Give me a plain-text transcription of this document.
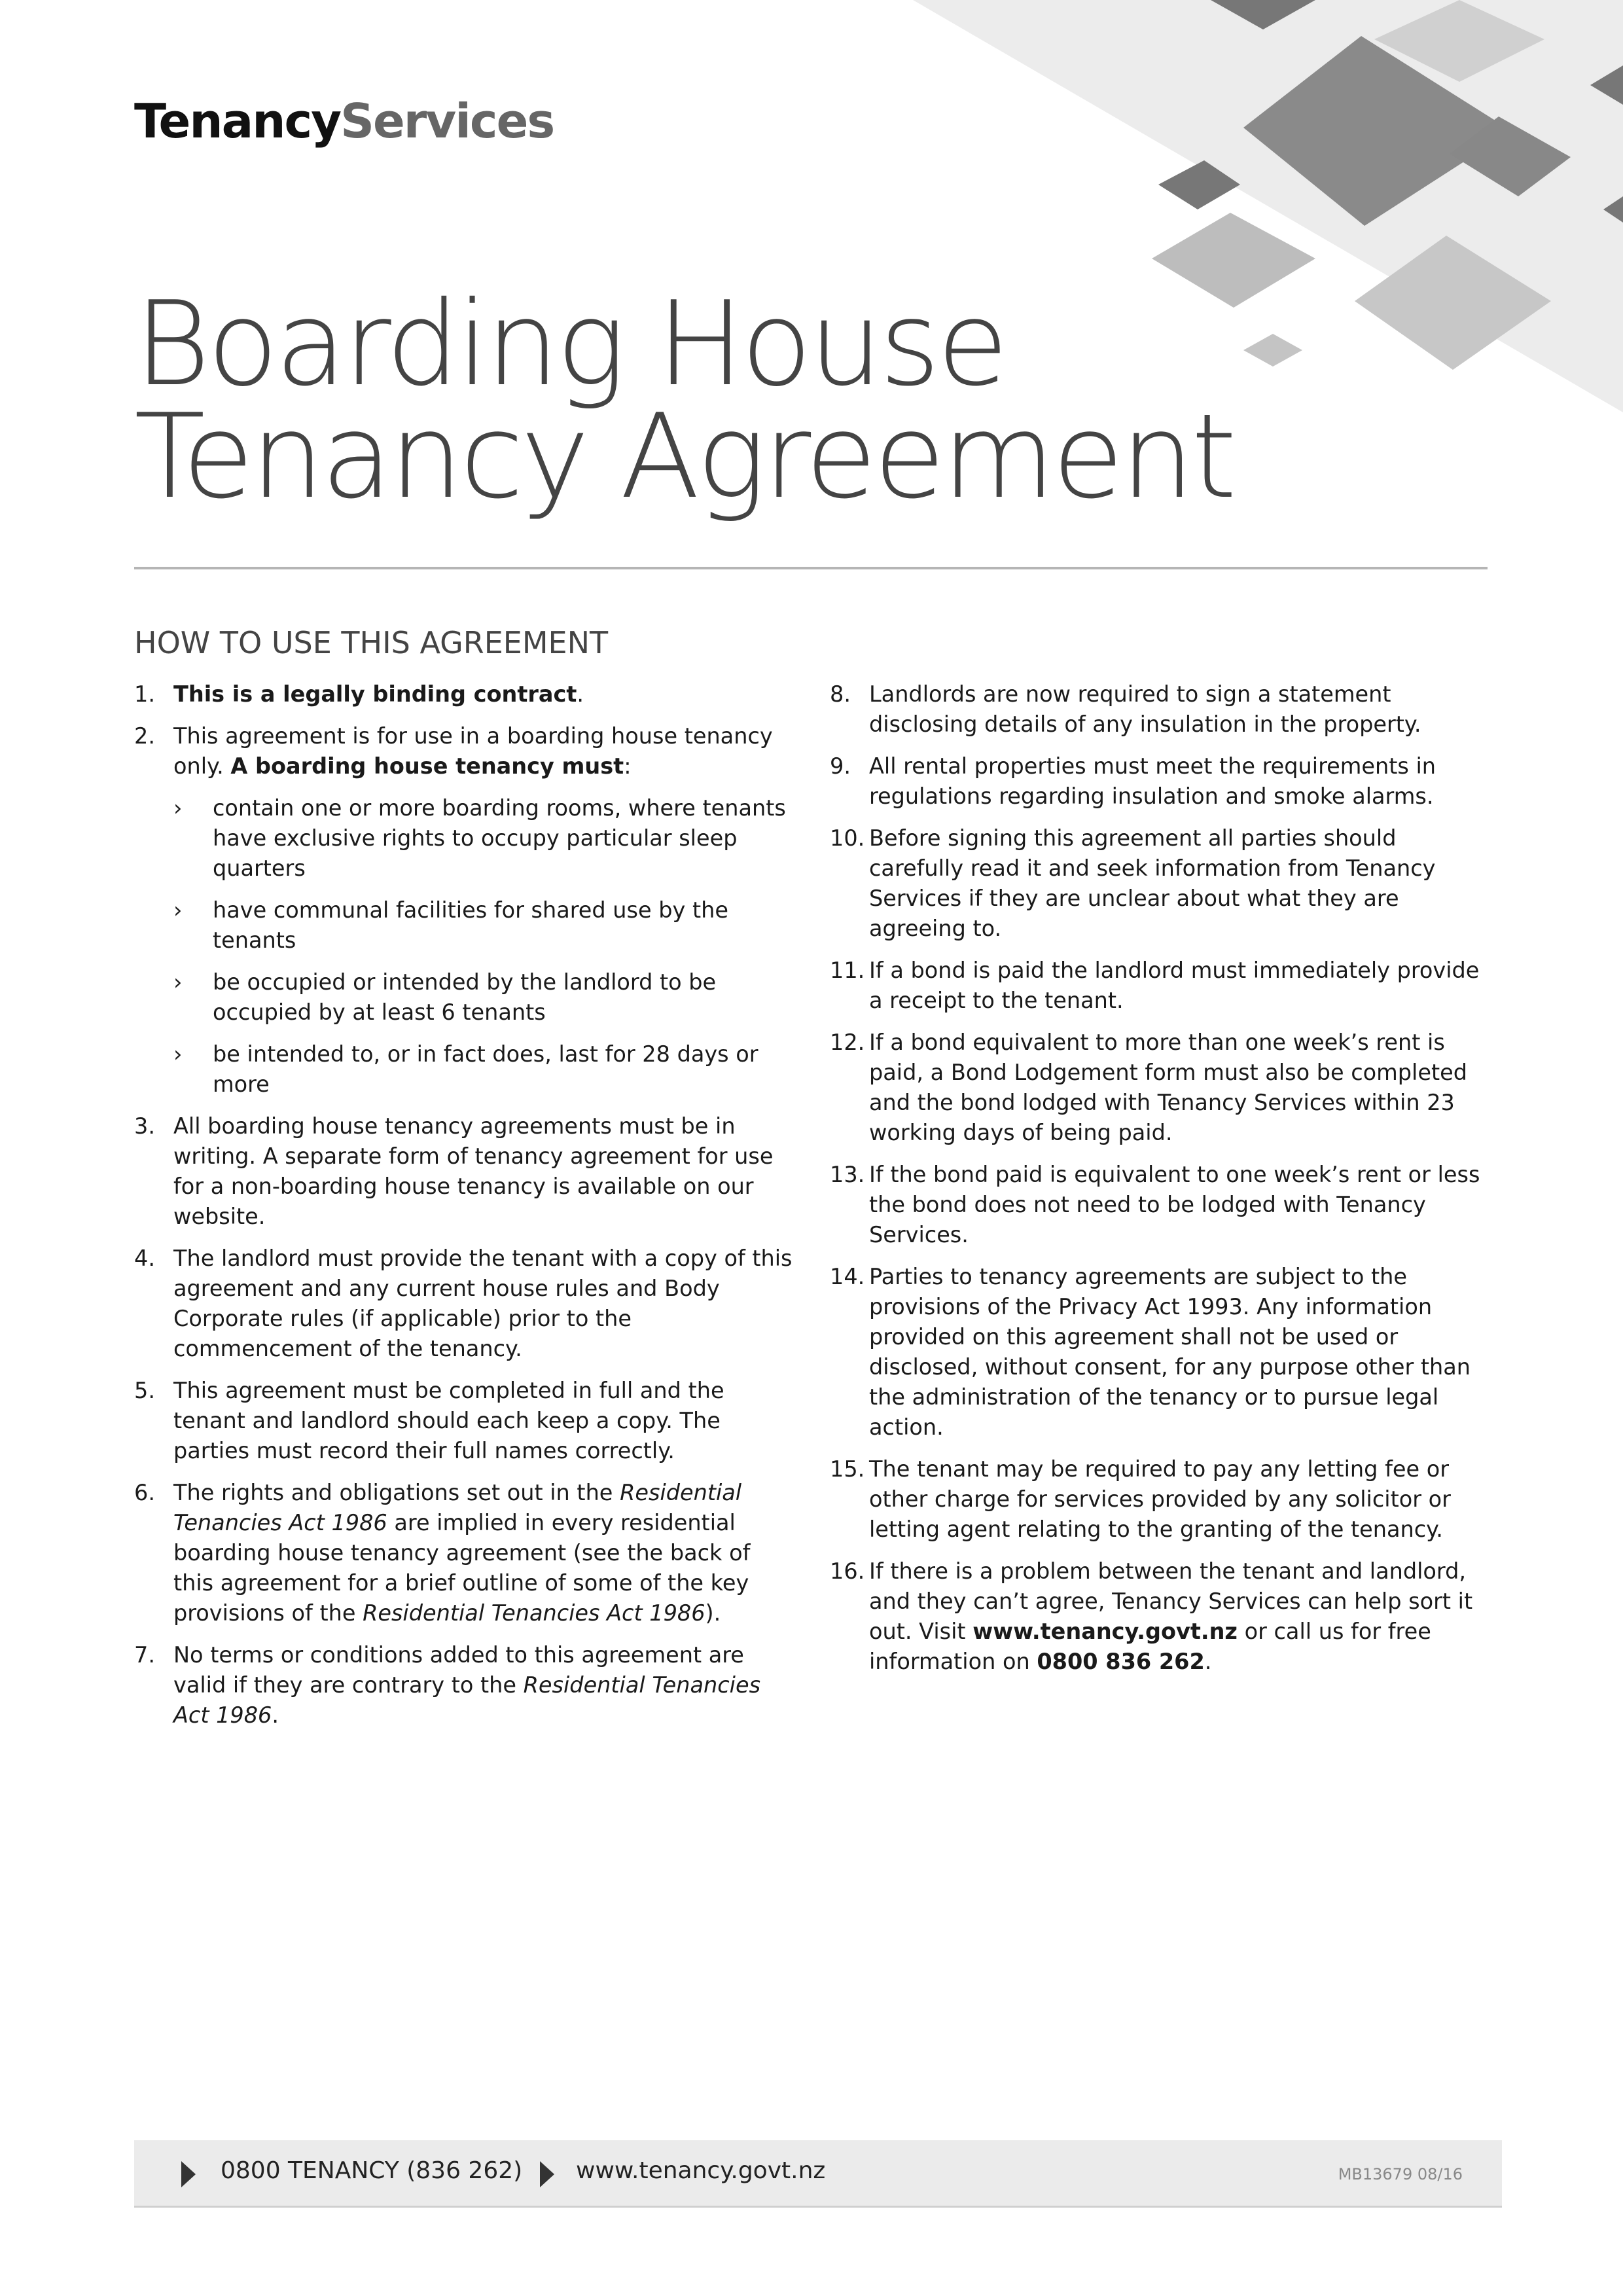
TenancyServices
Boarding House
Tenancy Agreement
HOW TO USE THIS AGREEMENT
1. This is a legally binding contract.

2. This agreement is for use in a boarding house tenancy only. A boarding house tenancy must:

› contain one or more boarding rooms, where tenants have exclusive rights to occupy particular sleep quarters
› have communal facilities for shared use by the tenants
› be occupied or intended by the landlord to be occupied by at least 6 tenants
› be intended to, or in fact does, last for 28 days or more
3. All boarding house tenancy agreements must be in writing. A separate form of tenancy agreement for use for a non-boarding house tenancy is available on our website.

4. The landlord must provide the tenant with a copy of this agreement and any current house rules and Body Corporate rules (if applicable) prior to the commencement of the tenancy.

5. This agreement must be completed in full and the tenant and landlord should each keep a copy. The parties must record their full names correctly.

6. The rights and obligations set out in the Residential Tenancies Act 1986 are implied in every residential boarding house tenancy agreement (see the back of this agreement for a brief outline of some of the key provisions of the Residential Tenancies Act 1986).

7. No terms or conditions added to this agreement are valid if they are contrary to the Residential Tenancies Act 1986.

8. Landlords are now required to sign a statement disclosing details of any insulation in the property.

9. All rental properties must meet the requirements in regulations regarding insulation and smoke alarms.

10. Before signing this agreement all parties should carefully read it and seek information from Tenancy Services if they are unclear about what they are agreeing to.

11. If a bond is paid the landlord must immediately provide a receipt to the tenant.

12. If a bond equivalent to more than one week’s rent is paid, a Bond Lodgement form must also be completed and the bond lodged with Tenancy Services within 23 working days of being paid.

13. If the bond paid is equivalent to one week’s rent or less the bond does not need to be lodged with Tenancy Services.

14. Parties to tenancy agreements are subject to the provisions of the Privacy Act 1993. Any information provided on this agreement shall not be used or disclosed, without consent, for any purpose other than the administration of the tenancy or to pursue legal action.

15. The tenant may be required to pay any letting fee or other charge for services provided by any solicitor or letting agent relating to the granting of the tenancy.

16. If there is a problem between the tenant and landlord, and they can’t agree, Tenancy Services can help sort it out. Visit www.tenancy.govt.nz or call us for free information on 0800 836 262.

0800 TENANCY (836 262) www.tenancy.govt.nz	MB13679 08/16
